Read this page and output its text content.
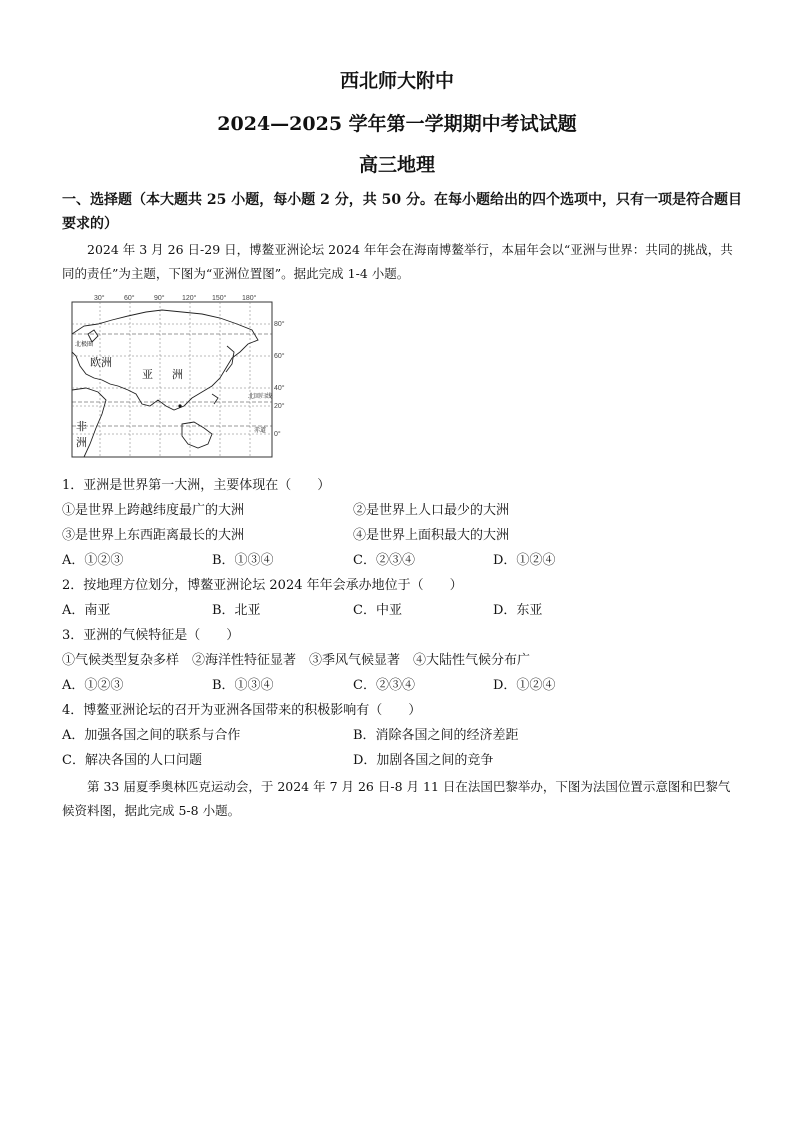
西北师大附中
2024—2025 学年第一学期期中考试试题
高三地理
一、选择题（本大题共 25 小题，每小题 2 分，共 50 分。在每小题给出的四个选项中，只有一项是符合题目要求的）
2024 年 3 月 26 日-29 日，博鳌亚洲论坛 2024 年年会在海南博鳌举行，本届年会以“亚洲与世界：共同的挑战，共同的责任”为主题，下图为“亚洲位置图”。据此完成 1-4 小题。
30°	60°	90° 120° 150° 180°
80°
60°
40°
20°
0°
北极圈
欧洲
亚 洲
北回归线
赤道
非
洲
1．亚洲是世界第一大洲，主要体现在（　　）
①是世界上跨越纬度最广的大洲	②是世界上人口最少的大洲
③是世界上东西距离最长的大洲	④是世界上面积最大的大洲
A．①②③	B．①③④	C．②③④	D．①②④
2．按地理方位划分，博鳌亚洲论坛 2024 年年会承办地位于（　　）
A．南亚	B．北亚	C．中亚	D．东亚
3．亚洲的气候特征是（　　）
①气候类型复杂多样　②海洋性特征显著　③季风气候显著　④大陆性气候分布广
A．①②③	B．①③④	C．②③④	D．①②④
4．博鳌亚洲论坛的召开为亚洲各国带来的积极影响有（　　）
A．加强各国之间的联系与合作	B．消除各国之间的经济差距
C．解决各国的人口问题	D．加剧各国之间的竞争
第 33 届夏季奥林匹克运动会，于 2024 年 7 月 26 日-8 月 11 日在法国巴黎举办，下图为法国位置示意图和巴黎气候资料图，据此完成 5-8 小题。
